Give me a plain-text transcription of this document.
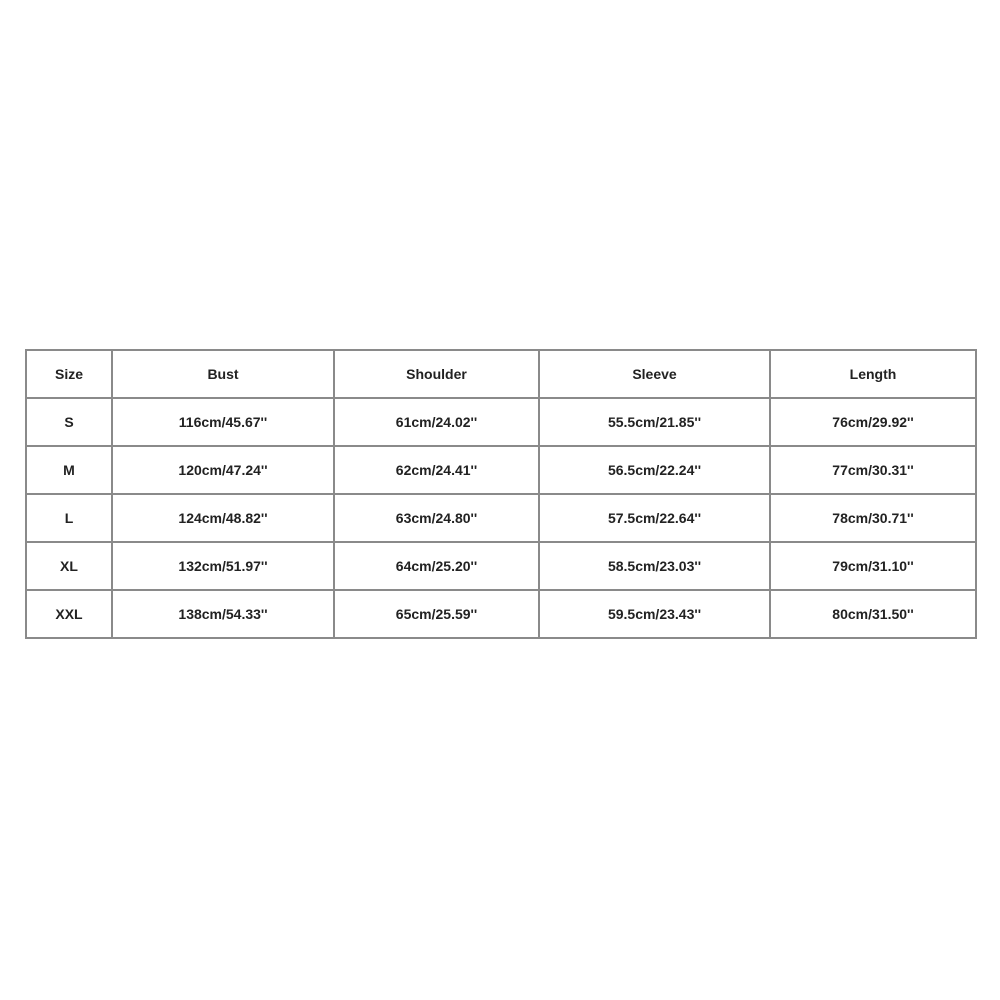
Size	Bust	Shoulder	Sleeve	Length
S	116cm/45.67''	61cm/24.02''	55.5cm/21.85''	76cm/29.92''
M	120cm/47.24''	62cm/24.41''	56.5cm/22.24''	77cm/30.31''
L	124cm/48.82''	63cm/24.80''	57.5cm/22.64''	78cm/30.71''
XL	132cm/51.97''	64cm/25.20''	58.5cm/23.03''	79cm/31.10''
XXL	138cm/54.33''	65cm/25.59''	59.5cm/23.43''	80cm/31.50''
